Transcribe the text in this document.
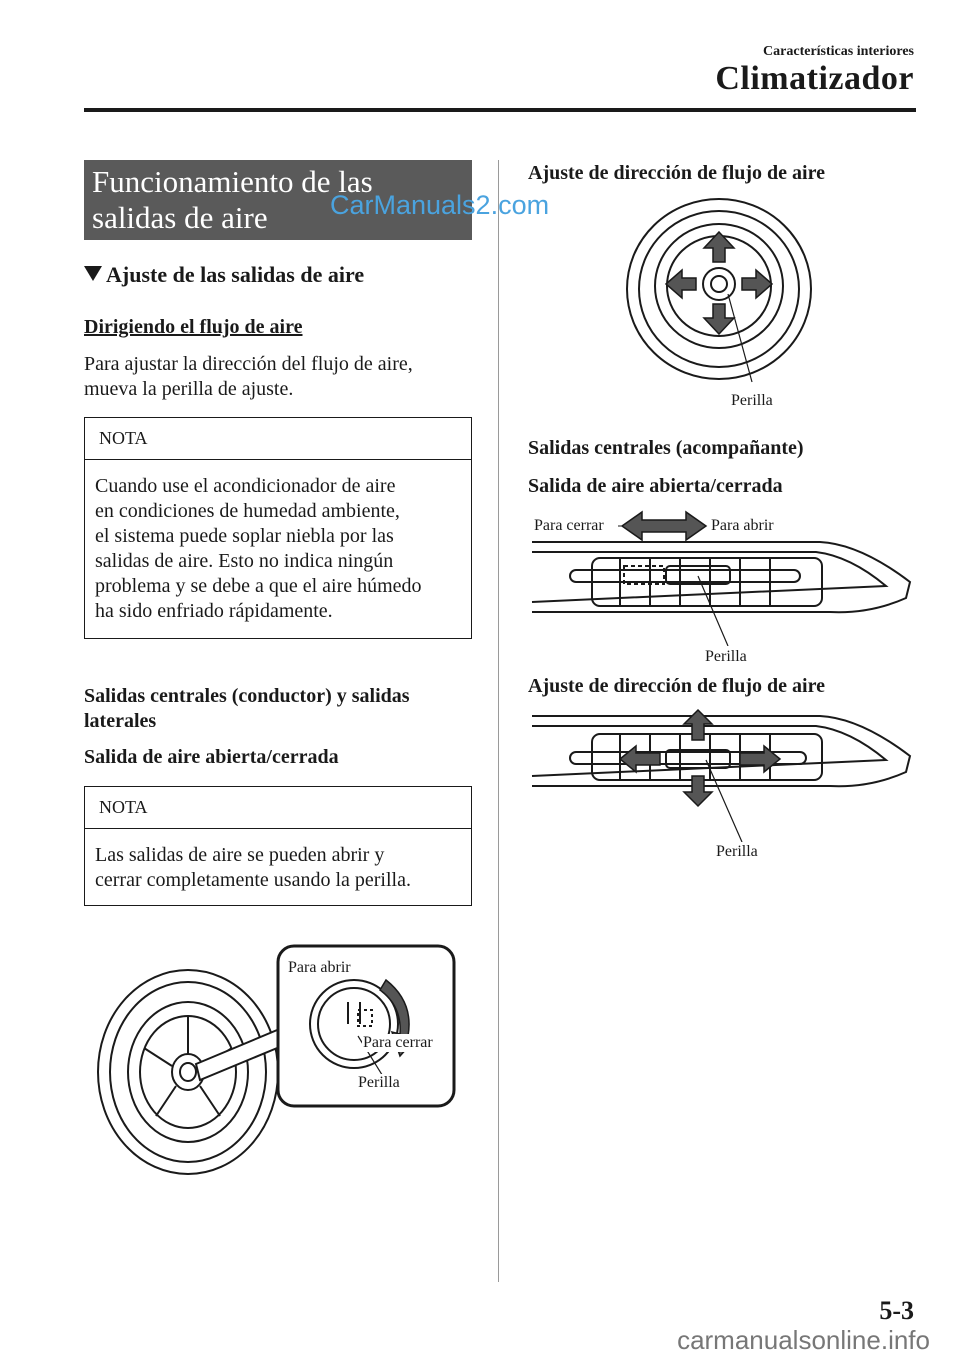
Características interiores
Climatizador
Funcionamiento de las
salidas de aire	CarManuals2.com
Ajuste de las salidas de aire
Dirigiendo el flujo de aire
Para ajustar la dirección del flujo de aire,
mueva la perilla de ajuste.
NOTA
Cuando use el acondicionador de aire
en condiciones de humedad ambiente,
el sistema puede soplar niebla por las
salidas de aire. Esto no indica ningún
problema y se debe a que el aire húmedo
ha sido enfriado rápidamente.
Salidas centrales (conductor) y salidas
laterales
Salida de aire abierta/cerrada
NOTA
Las salidas de aire se pueden abrir y
cerrar completamente usando la perilla.
Para abrir
Para cerrar
Perilla
Ajuste de dirección de flujo de aire
Perilla
Salidas centrales (acompañante)
Salida de aire abierta/cerrada
Para cerrar	Para abrir
Perilla
Ajuste de dirección de flujo de aire
Perilla
5-3
carmanualsonline.info
